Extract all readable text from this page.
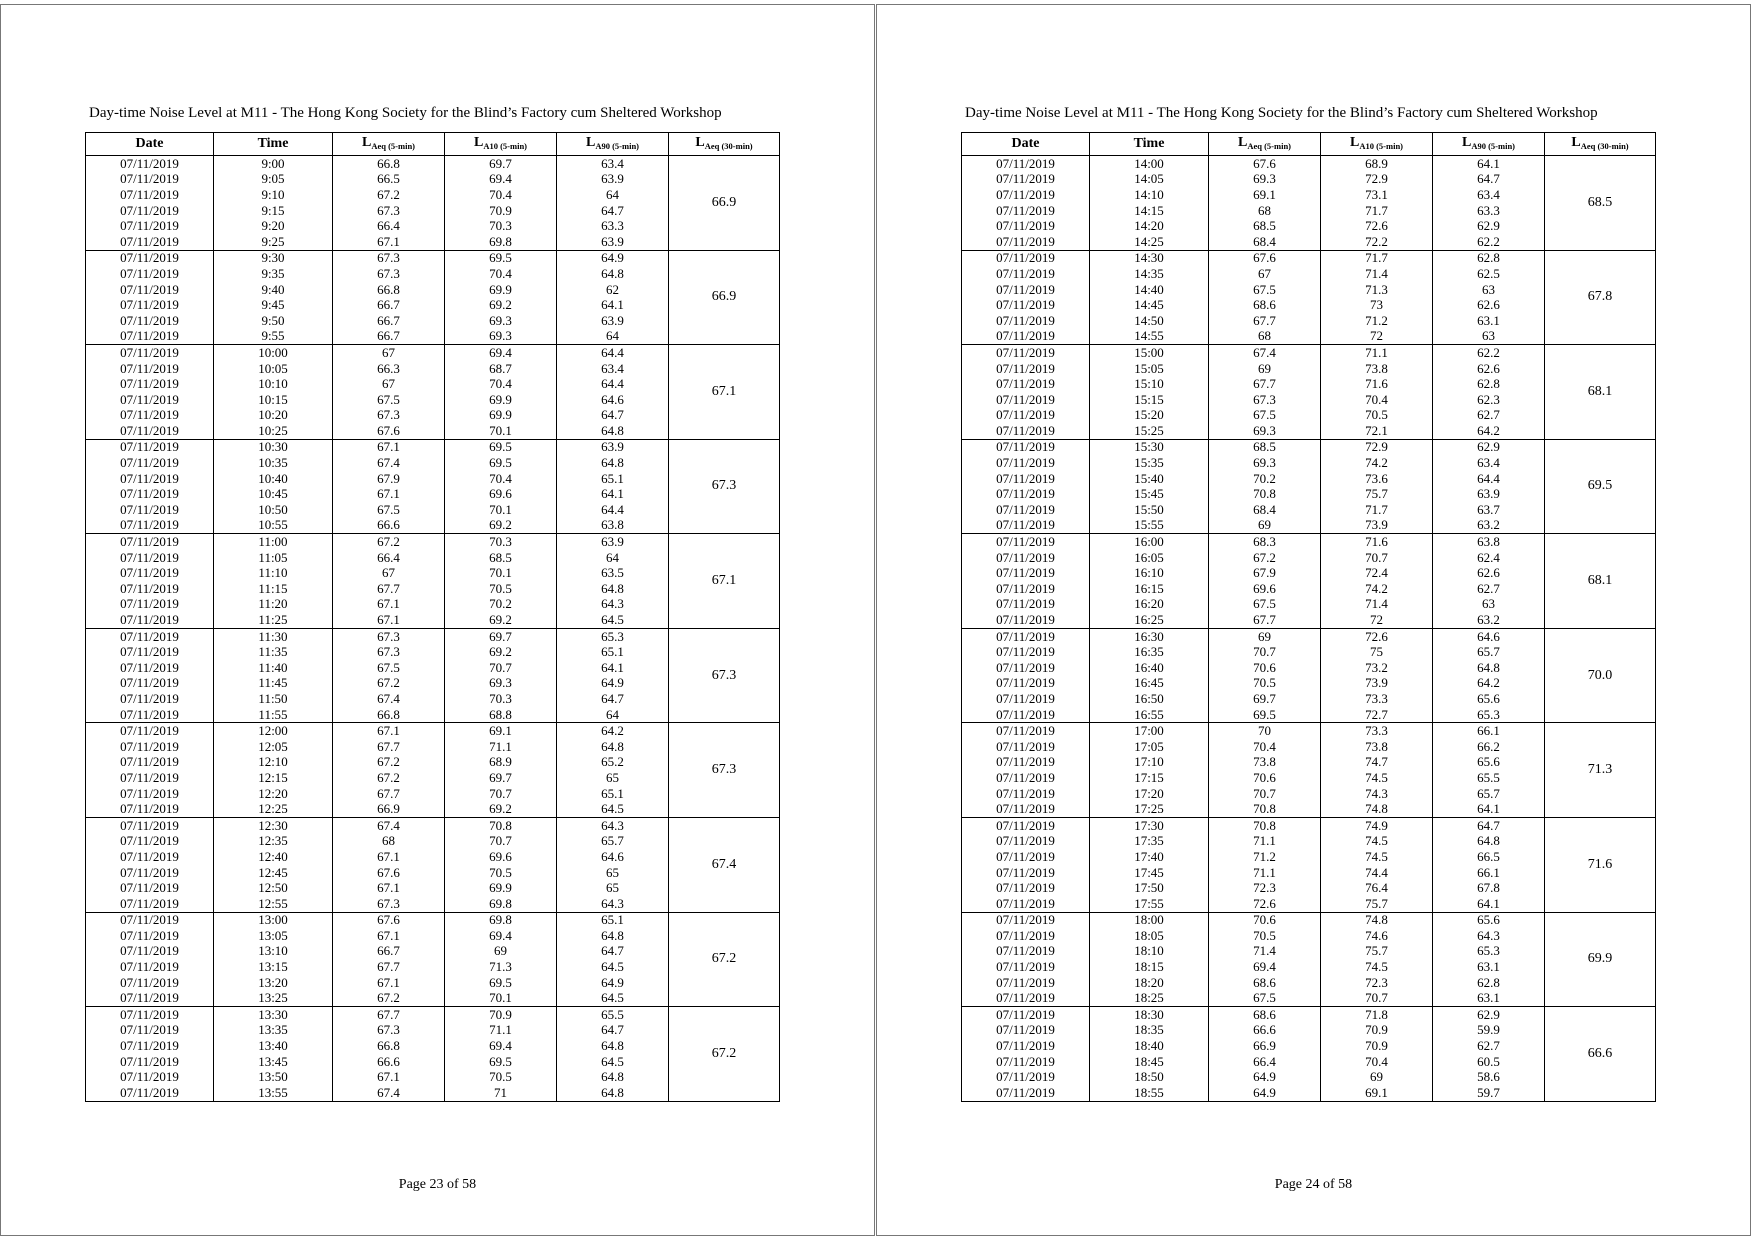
Day-time Noise Level at M11 - The Hong Kong Society for the Blind’s Factory cum Sheltered Workshop
Date	Time	$L_{Aeq (5-min)}$	$L_{A10 (5-min)}$	$L_{A90 (5-min)}$	$L_{Aeq (30-min)}$
07/11/2019	9:00	66.8	69.7	63.4	66.9
07/11/2019	9:05	66.5	69.4	63.9	
07/11/2019	9:10	67.2	70.4	64	
07/11/2019	9:15	67.3	70.9	64.7	
07/11/2019	9:20	66.4	70.3	63.3	
07/11/2019	9:25	67.1	69.8	63.9	
07/11/2019	9:30	67.3	69.5	64.9	66.9
07/11/2019	9:35	67.3	70.4	64.8	
07/11/2019	9:40	66.8	69.9	62	
07/11/2019	9:45	66.7	69.2	64.1	
07/11/2019	9:50	66.7	69.3	63.9	
07/11/2019	9:55	66.7	69.3	64	
07/11/2019	10:00	67	69.4	64.4	67.1
07/11/2019	10:05	66.3	68.7	63.4	
07/11/2019	10:10	67	70.4	64.4	
07/11/2019	10:15	67.5	69.9	64.6	
07/11/2019	10:20	67.3	69.9	64.7	
07/11/2019	10:25	67.6	70.1	64.8	
07/11/2019	10:30	67.1	69.5	63.9	67.3
07/11/2019	10:35	67.4	69.5	64.8	
07/11/2019	10:40	67.9	70.4	65.1	
07/11/2019	10:45	67.1	69.6	64.1	
07/11/2019	10:50	67.5	70.1	64.4	
07/11/2019	10:55	66.6	69.2	63.8	
07/11/2019	11:00	67.2	70.3	63.9	67.1
07/11/2019	11:05	66.4	68.5	64	
07/11/2019	11:10	67	70.1	63.5	
07/11/2019	11:15	67.7	70.5	64.8	
07/11/2019	11:20	67.1	70.2	64.3	
07/11/2019	11:25	67.1	69.2	64.5	
07/11/2019	11:30	67.3	69.7	65.3	67.3
07/11/2019	11:35	67.3	69.2	65.1	
07/11/2019	11:40	67.5	70.7	64.1	
07/11/2019	11:45	67.2	69.3	64.9	
07/11/2019	11:50	67.4	70.3	64.7	
07/11/2019	11:55	66.8	68.8	64	
07/11/2019	12:00	67.1	69.1	64.2	67.3
07/11/2019	12:05	67.7	71.1	64.8	
07/11/2019	12:10	67.2	68.9	65.2	
07/11/2019	12:15	67.2	69.7	65	
07/11/2019	12:20	67.7	70.7	65.1	
07/11/2019	12:25	66.9	69.2	64.5	
07/11/2019	12:30	67.4	70.8	64.3	67.4
07/11/2019	12:35	68	70.7	65.7	
07/11/2019	12:40	67.1	69.6	64.6	
07/11/2019	12:45	67.6	70.5	65	
07/11/2019	12:50	67.1	69.9	65	
07/11/2019	12:55	67.3	69.8	64.3	
07/11/2019	13:00	67.6	69.8	65.1	67.2
07/11/2019	13:05	67.1	69.4	64.8	
07/11/2019	13:10	66.7	69	64.7	
07/11/2019	13:15	67.7	71.3	64.5	
07/11/2019	13:20	67.1	69.5	64.9	
07/11/2019	13:25	67.2	70.1	64.5	
07/11/2019	13:30	67.7	70.9	65.5	67.2
07/11/2019	13:35	67.3	71.1	64.7	
07/11/2019	13:40	66.8	69.4	64.8	
07/11/2019	13:45	66.6	69.5	64.5	
07/11/2019	13:50	67.1	70.5	64.8	
07/11/2019	13:55	67.4	71	64.8	
Page 23 of 58
Day-time Noise Level at M11 - The Hong Kong Society for the Blind’s Factory cum Sheltered Workshop
Date	Time	$L_{Aeq (5-min)}$	$L_{A10 (5-min)}$	$L_{A90 (5-min)}$	$L_{Aeq (30-min)}$
07/11/2019	14:00	67.6	68.9	64.1	68.5
07/11/2019	14:05	69.3	72.9	64.7	
07/11/2019	14:10	69.1	73.1	63.4	
07/11/2019	14:15	68	71.7	63.3	
07/11/2019	14:20	68.5	72.6	62.9	
07/11/2019	14:25	68.4	72.2	62.2	
07/11/2019	14:30	67.6	71.7	62.8	67.8
07/11/2019	14:35	67	71.4	62.5	
07/11/2019	14:40	67.5	71.3	63	
07/11/2019	14:45	68.6	73	62.6	
07/11/2019	14:50	67.7	71.2	63.1	
07/11/2019	14:55	68	72	63	
07/11/2019	15:00	67.4	71.1	62.2	68.1
07/11/2019	15:05	69	73.8	62.6	
07/11/2019	15:10	67.7	71.6	62.8	
07/11/2019	15:15	67.3	70.4	62.3	
07/11/2019	15:20	67.5	70.5	62.7	
07/11/2019	15:25	69.3	72.1	64.2	
07/11/2019	15:30	68.5	72.9	62.9	69.5
07/11/2019	15:35	69.3	74.2	63.4	
07/11/2019	15:40	70.2	73.6	64.4	
07/11/2019	15:45	70.8	75.7	63.9	
07/11/2019	15:50	68.4	71.7	63.7	
07/11/2019	15:55	69	73.9	63.2	
07/11/2019	16:00	68.3	71.6	63.8	68.1
07/11/2019	16:05	67.2	70.7	62.4	
07/11/2019	16:10	67.9	72.4	62.6	
07/11/2019	16:15	69.6	74.2	62.7	
07/11/2019	16:20	67.5	71.4	63	
07/11/2019	16:25	67.7	72	63.2	
07/11/2019	16:30	69	72.6	64.6	70.0
07/11/2019	16:35	70.7	75	65.7	
07/11/2019	16:40	70.6	73.2	64.8	
07/11/2019	16:45	70.5	73.9	64.2	
07/11/2019	16:50	69.7	73.3	65.6	
07/11/2019	16:55	69.5	72.7	65.3	
07/11/2019	17:00	70	73.3	66.1	71.3
07/11/2019	17:05	70.4	73.8	66.2	
07/11/2019	17:10	73.8	74.7	65.6	
07/11/2019	17:15	70.6	74.5	65.5	
07/11/2019	17:20	70.7	74.3	65.7	
07/11/2019	17:25	70.8	74.8	64.1	
07/11/2019	17:30	70.8	74.9	64.7	71.6
07/11/2019	17:35	71.1	74.5	64.8	
07/11/2019	17:40	71.2	74.5	66.5	
07/11/2019	17:45	71.1	74.4	66.1	
07/11/2019	17:50	72.3	76.4	67.8	
07/11/2019	17:55	72.6	75.7	64.1	
07/11/2019	18:00	70.6	74.8	65.6	69.9
07/11/2019	18:05	70.5	74.6	64.3	
07/11/2019	18:10	71.4	75.7	65.3	
07/11/2019	18:15	69.4	74.5	63.1	
07/11/2019	18:20	68.6	72.3	62.8	
07/11/2019	18:25	67.5	70.7	63.1	
07/11/2019	18:30	68.6	71.8	62.9	66.6
07/11/2019	18:35	66.6	70.9	59.9	
07/11/2019	18:40	66.9	70.9	62.7	
07/11/2019	18:45	66.4	70.4	60.5	
07/11/2019	18:50	64.9	69	58.6	
07/11/2019	18:55	64.9	69.1	59.7	
Page 24 of 58
